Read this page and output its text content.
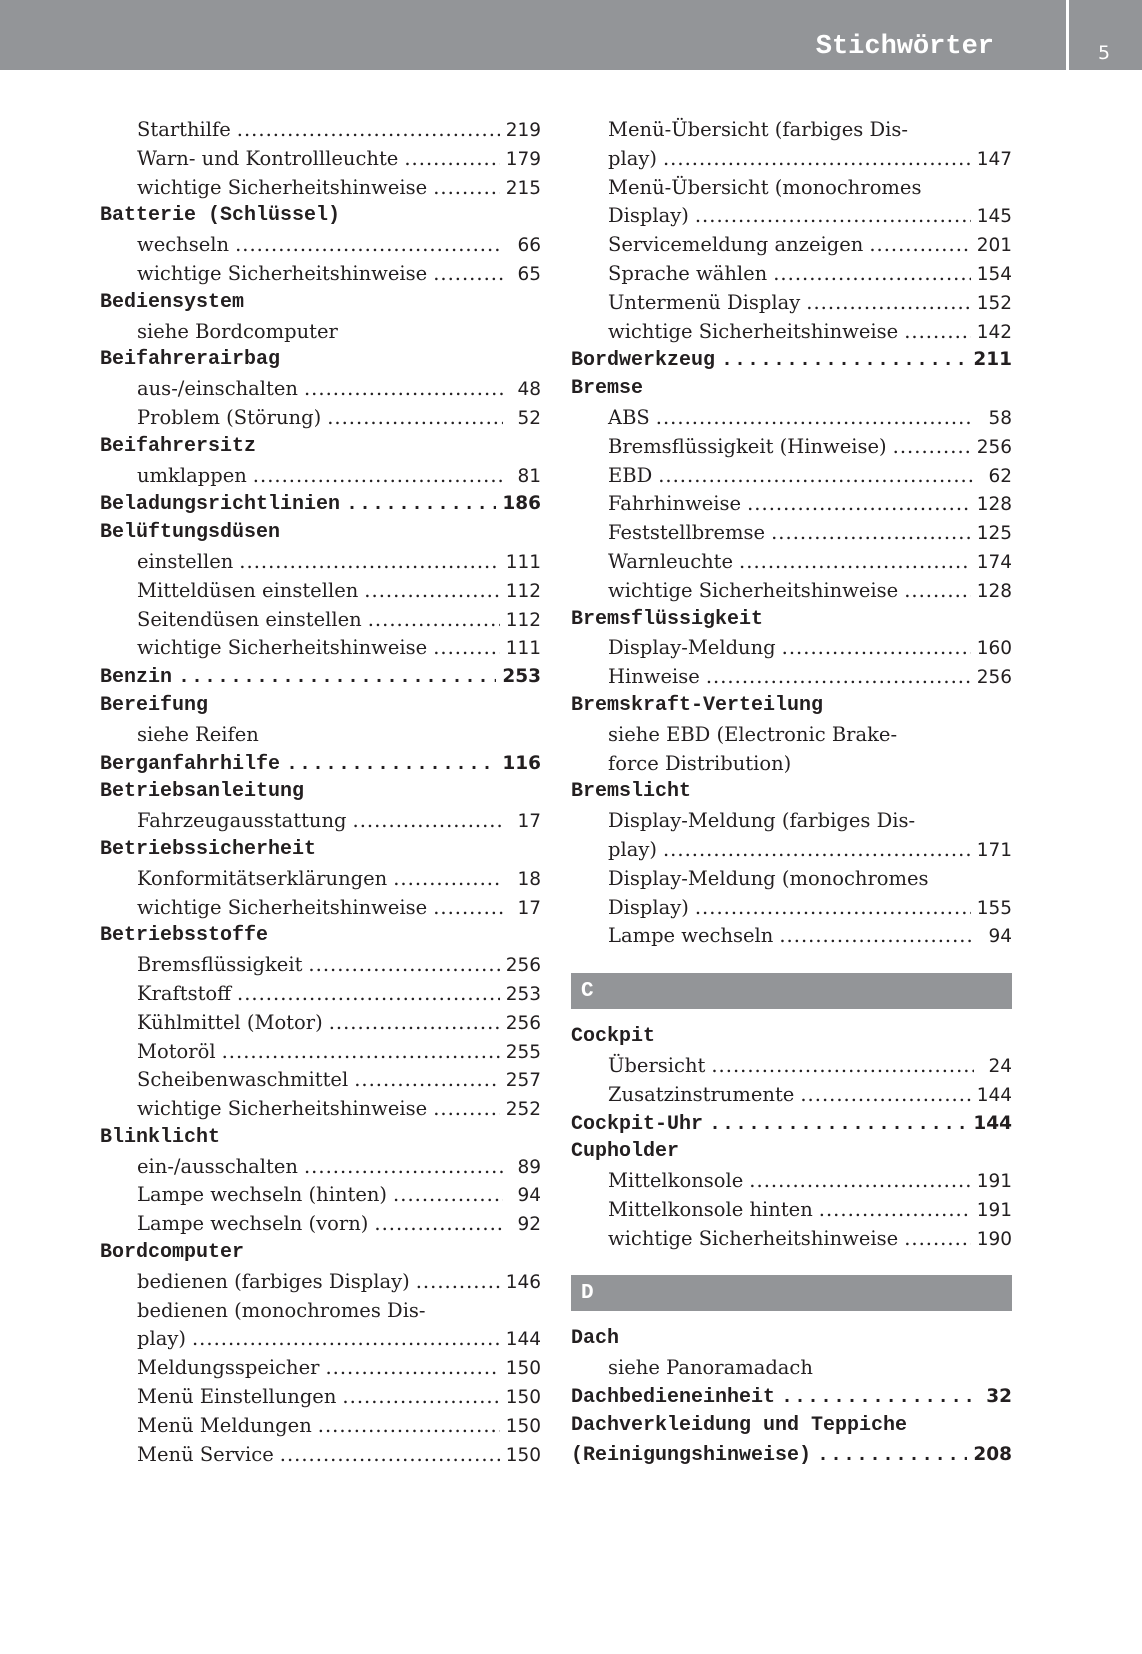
Stichwörter	5
Starthilfe .....	219
Warn- und Kontrollleuchte .....	179
wichtige Sicherheitshinweise .....	215
Batterie (Schlüssel)
wechseln .....	66
wichtige Sicherheitshinweise .....	65
Bediensystem
siehe Bordcomputer
Beifahrerairbag
aus-/einschalten .....	48
Problem (Störung) .....	52
Beifahrersitz
umklappen .....	81
Beladungsrichtlinien .....	186
Belüftungsdüsen
einstellen .....	111
Mitteldüsen einstellen .....	112
Seitendüsen einstellen .....	112
wichtige Sicherheitshinweise .....	111
Benzin .....	253
Bereifung
siehe Reifen
Berganfahrhilfe .....	116
Betriebsanleitung
Fahrzeugausstattung .....	17
Betriebssicherheit
Konformitätserklärungen .....	18
wichtige Sicherheitshinweise .....	17
Betriebsstoffe
Bremsflüssigkeit .....	256
Kraftstoff .....	253
Kühlmittel (Motor) .....	256
Motoröl .....	255
Scheibenwaschmittel .....	257
wichtige Sicherheitshinweise .....	252
Blinklicht
ein-/ausschalten .....	89
Lampe wechseln (hinten) .....	94
Lampe wechseln (vorn) .....	92
Bordcomputer
bedienen (farbiges Display) .....	146
bedienen (monochromes Dis-
play) .....	144
Meldungsspeicher .....	150
Menü Einstellungen .....	150
Menü Meldungen .....	150
Menü Service .....	150
Menü-Übersicht (farbiges Dis-
play) .....	147
Menü-Übersicht (monochromes
Display) .....	145
Servicemeldung anzeigen .....	201
Sprache wählen .....	154
Untermenü Display .....	152
wichtige Sicherheitshinweise .....	142
Bordwerkzeug .....	211
Bremse
ABS .....	58
Bremsflüssigkeit (Hinweise) .....	256
EBD .....	62
Fahrhinweise .....	128
Feststellbremse .....	125
Warnleuchte .....	174
wichtige Sicherheitshinweise .....	128
Bremsflüssigkeit
Display-Meldung .....	160
Hinweise .....	256
Bremskraft-Verteilung
siehe EBD (Electronic Brake-
force Distribution)
Bremslicht
Display-Meldung (farbiges Dis-
play) .....	171
Display-Meldung (monochromes
Display) .....	155
Lampe wechseln .....	94
C
Cockpit
Übersicht .....	24
Zusatzinstrumente .....	144
Cockpit-Uhr .....	144
Cupholder
Mittelkonsole .....	191
Mittelkonsole hinten .....	191
wichtige Sicherheitshinweise .....	190
D
Dach
siehe Panoramadach
Dachbedieneinheit .....	32
Dachverkleidung und Teppiche
(Reinigungshinweise) .....	208
